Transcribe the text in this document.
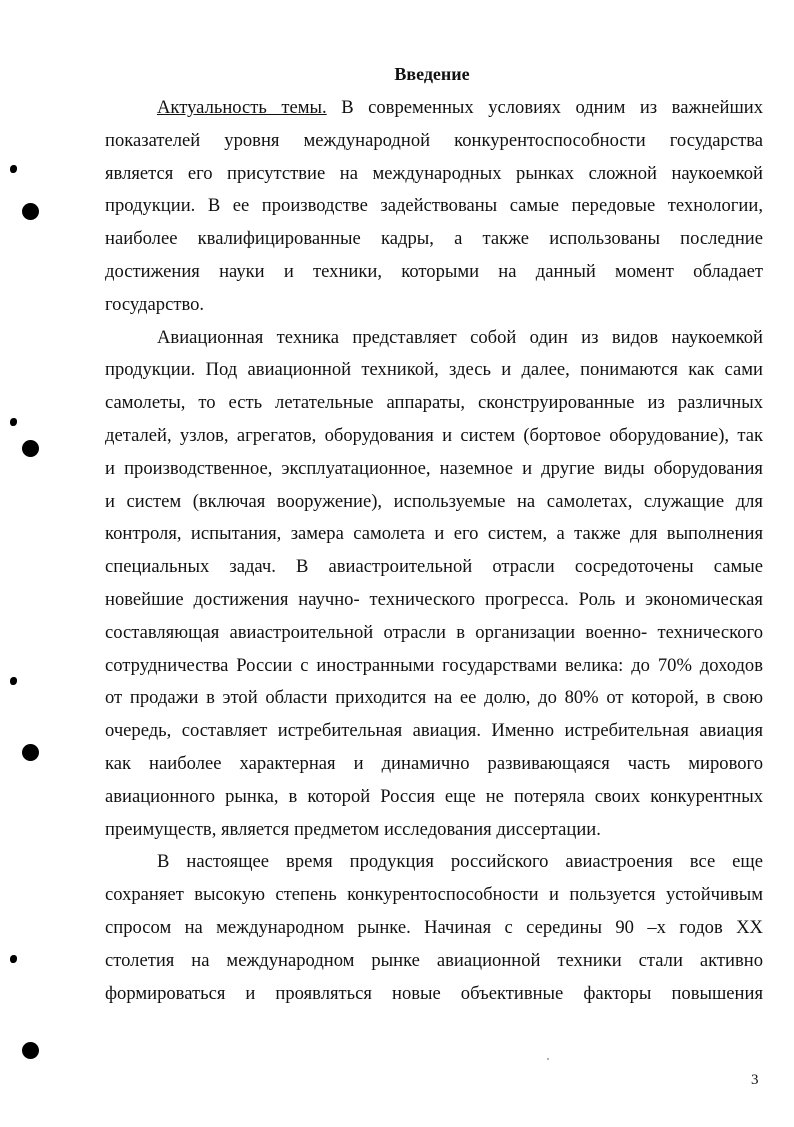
Введение
Актуальность темы. В современных условиях одним из важнейших
показателей уровня международной конкурентоспособности государства
является его присутствие на международных рынках сложной наукоемкой
продукции. В ее производстве задействованы самые передовые технологии,
наиболее квалифицированные кадры, а также использованы последние
достижения науки и техники, которыми на данный момент обладает
государство.
Авиационная техника представляет собой один из видов наукоемкой
продукции. Под авиационной техникой, здесь и далее, понимаются как сами
самолеты, то есть летательные аппараты, сконструированные из различных
деталей, узлов, агрегатов, оборудования и систем (бортовое оборудование), так
и производственное, эксплуатационное, наземное и другие виды оборудования
и систем (включая вооружение), используемые на самолетах, служащие для
контроля, испытания, замера самолета и его систем, а также для выполнения
специальных задач. В авиастроительной отрасли сосредоточены самые
новейшие достижения научно- технического прогресса. Роль и экономическая
составляющая авиастроительной отрасли в организации военно- технического
сотрудничества России с иностранными государствами велика: до 70% доходов
от продажи в этой области приходится на ее долю, до 80% от которой, в свою
очередь, составляет истребительная авиация. Именно истребительная авиация
как наиболее характерная и динамично развивающаяся часть мирового
авиационного рынка, в которой Россия еще не потеряла своих конкурентных
преимуществ, является предметом исследования диссертации.
В настоящее время продукция российского авиастроения все еще
сохраняет высокую степень конкурентоспособности и пользуется устойчивым
спросом на международном рынке. Начиная с середины 90 –х годов XX
столетия на международном рынке авиационной техники стали активно
формироваться и проявляться новые объективные факторы повышения
3
